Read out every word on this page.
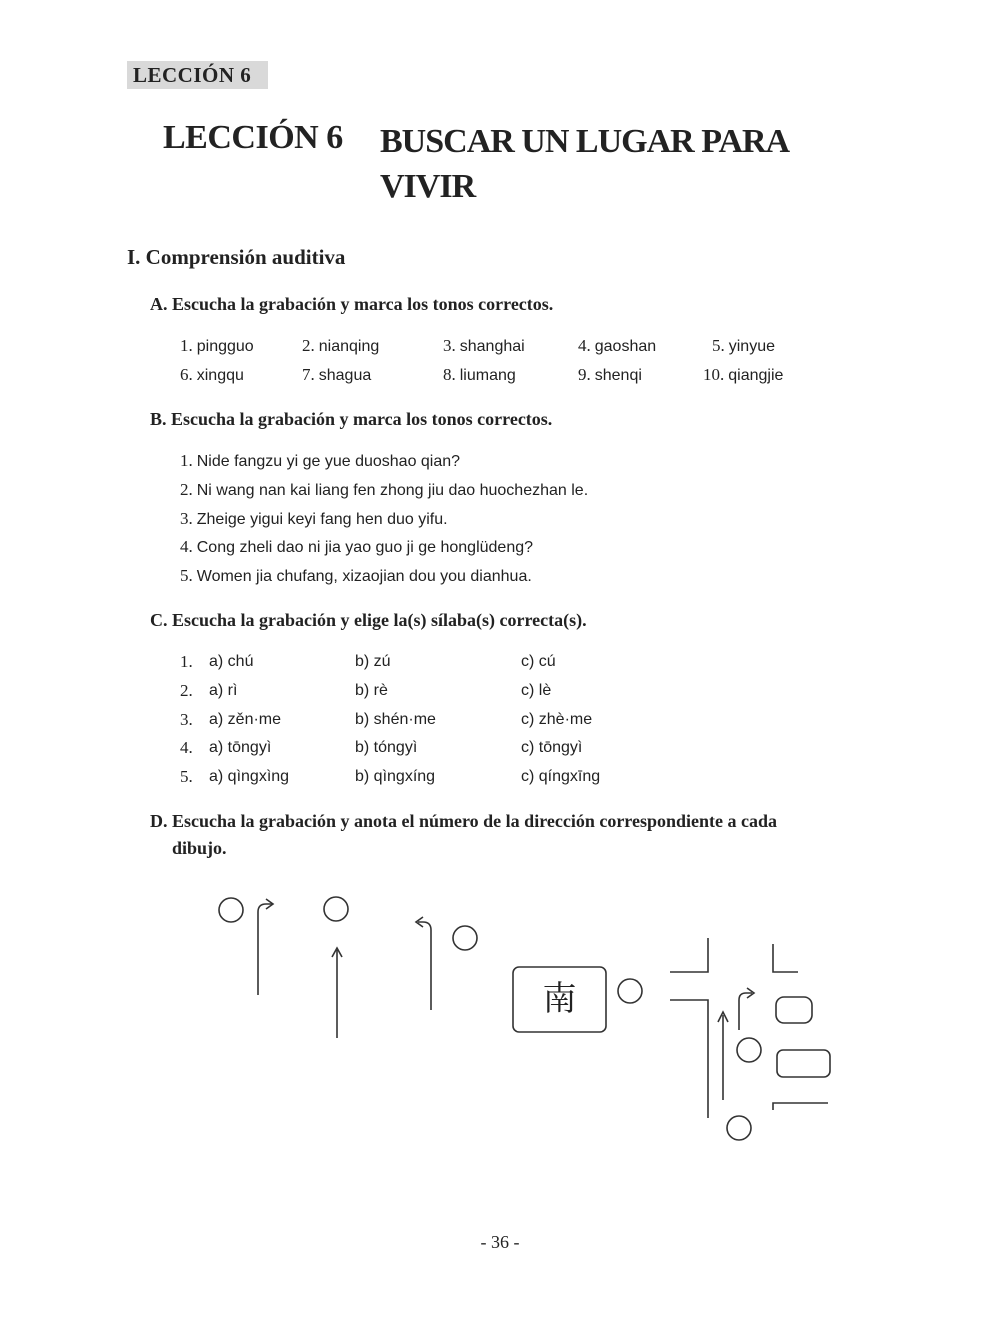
LECCIÓN 6
LECCIÓN 6 BUSCAR UN LUGAR PARA
VIVIR
I. Comprensión auditiva
A. Escucha la grabación y marca los tonos correctos.
1. pingguo	2. nianqing	3. shanghai	4. gaoshan	5. yinyue
6. xingqu	7. shagua	8. liumang	9. shenqi	10. qiangjie
B. Escucha la grabación y marca los tonos correctos.
1. Nide fangzu yi ge yue duoshao qian?
2. Ni wang nan kai liang fen zhong jiu dao huochezhan le.
3. Zheige yigui keyi fang hen duo yifu.
4. Cong zheli dao ni jia yao guo ji ge honglüdeng?
5. Women jia chufang, xizaojian dou you dianhua.
C. Escucha la grabación y elige la(s) sílaba(s) correcta(s).
1. a) chú	b) zú	c) cú
2. a) rì	b) rè	c) lè
3. a) zěn·me	b) shén·me	c) zhè·me
4. a) tōngyì	b) tóngyì	c) tōngyì
5. a) qìngxìng	b) qìngxíng	c) qíngxīng
D. Escucha la grabación y anota el número de la dirección correspondiente a cada
dibujo.
南
- 36 -
